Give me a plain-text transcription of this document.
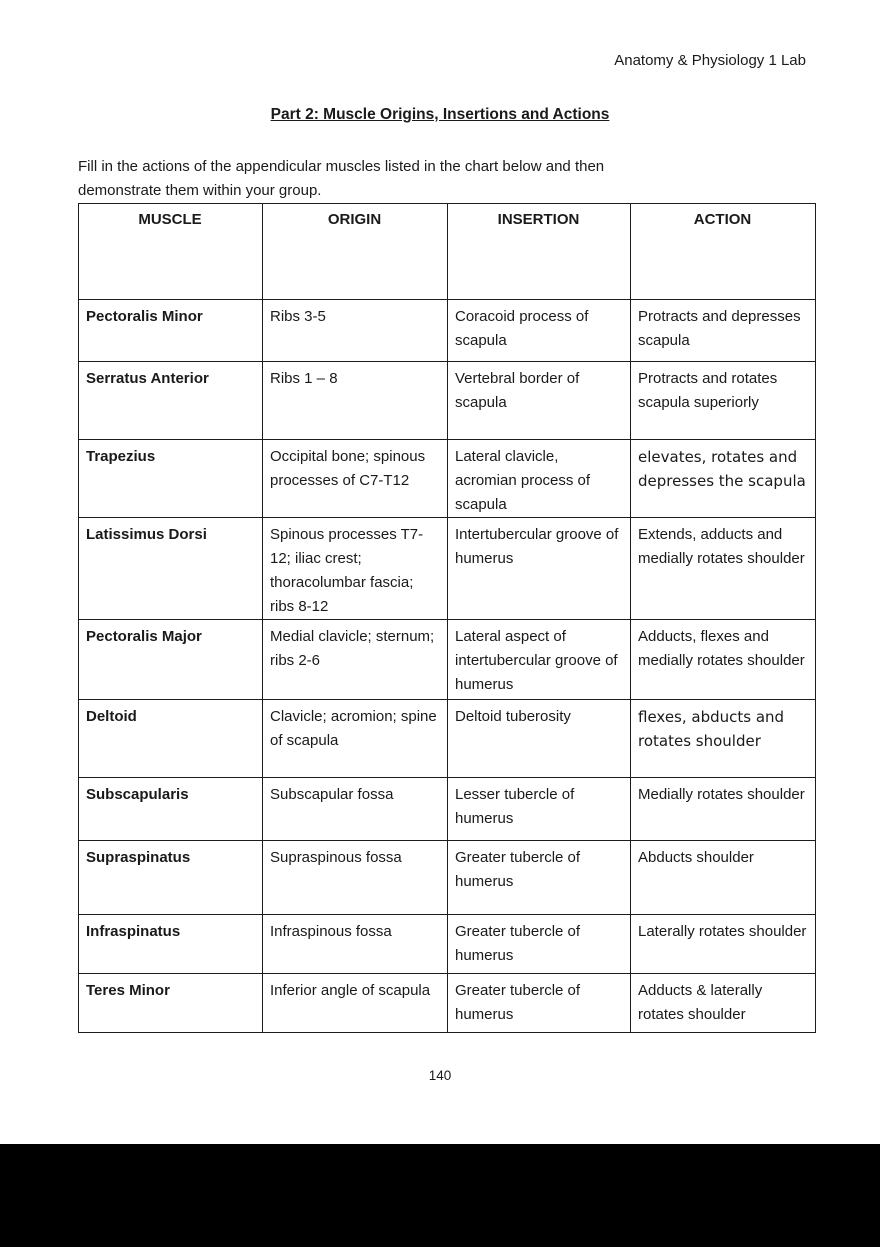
Anatomy & Physiology 1 Lab
Part 2: Muscle Origins, Insertions and Actions
Fill in the actions of the appendicular muscles listed in the chart below and then
demonstrate them within your group.
MUSCLE	ORIGIN	INSERTION	ACTION
Pectoralis Minor	Ribs 3-5	Coracoid process of scapula	Protracts and depresses scapula
Serratus Anterior	Ribs 1 – 8	Vertebral border of scapula	Protracts and rotates scapula superiorly
Trapezius	Occipital bone; spinous processes of C7-T12	Lateral clavicle, acromian process of scapula	elevates, rotates and depresses the scapula
Latissimus Dorsi	Spinous processes T7-12; iliac crest; thoracolumbar fascia; ribs 8-12	Intertubercular groove of humerus	Extends, adducts and medially rotates shoulder
Pectoralis Major	Medial clavicle; sternum; ribs 2-6	Lateral aspect of intertubercular groove of humerus	Adducts, flexes and medially rotates shoulder
Deltoid	Clavicle; acromion; spine of scapula	Deltoid tuberosity	flexes, abducts and rotates shoulder
Subscapularis	Subscapular fossa	Lesser tubercle of humerus	Medially rotates shoulder
Supraspinatus	Supraspinous fossa	Greater tubercle of humerus	Abducts shoulder
Infraspinatus	Infraspinous fossa	Greater tubercle of humerus	Laterally rotates shoulder
Teres Minor	Inferior angle of scapula	Greater tubercle of humerus	Adducts & laterally rotates shoulder
140
